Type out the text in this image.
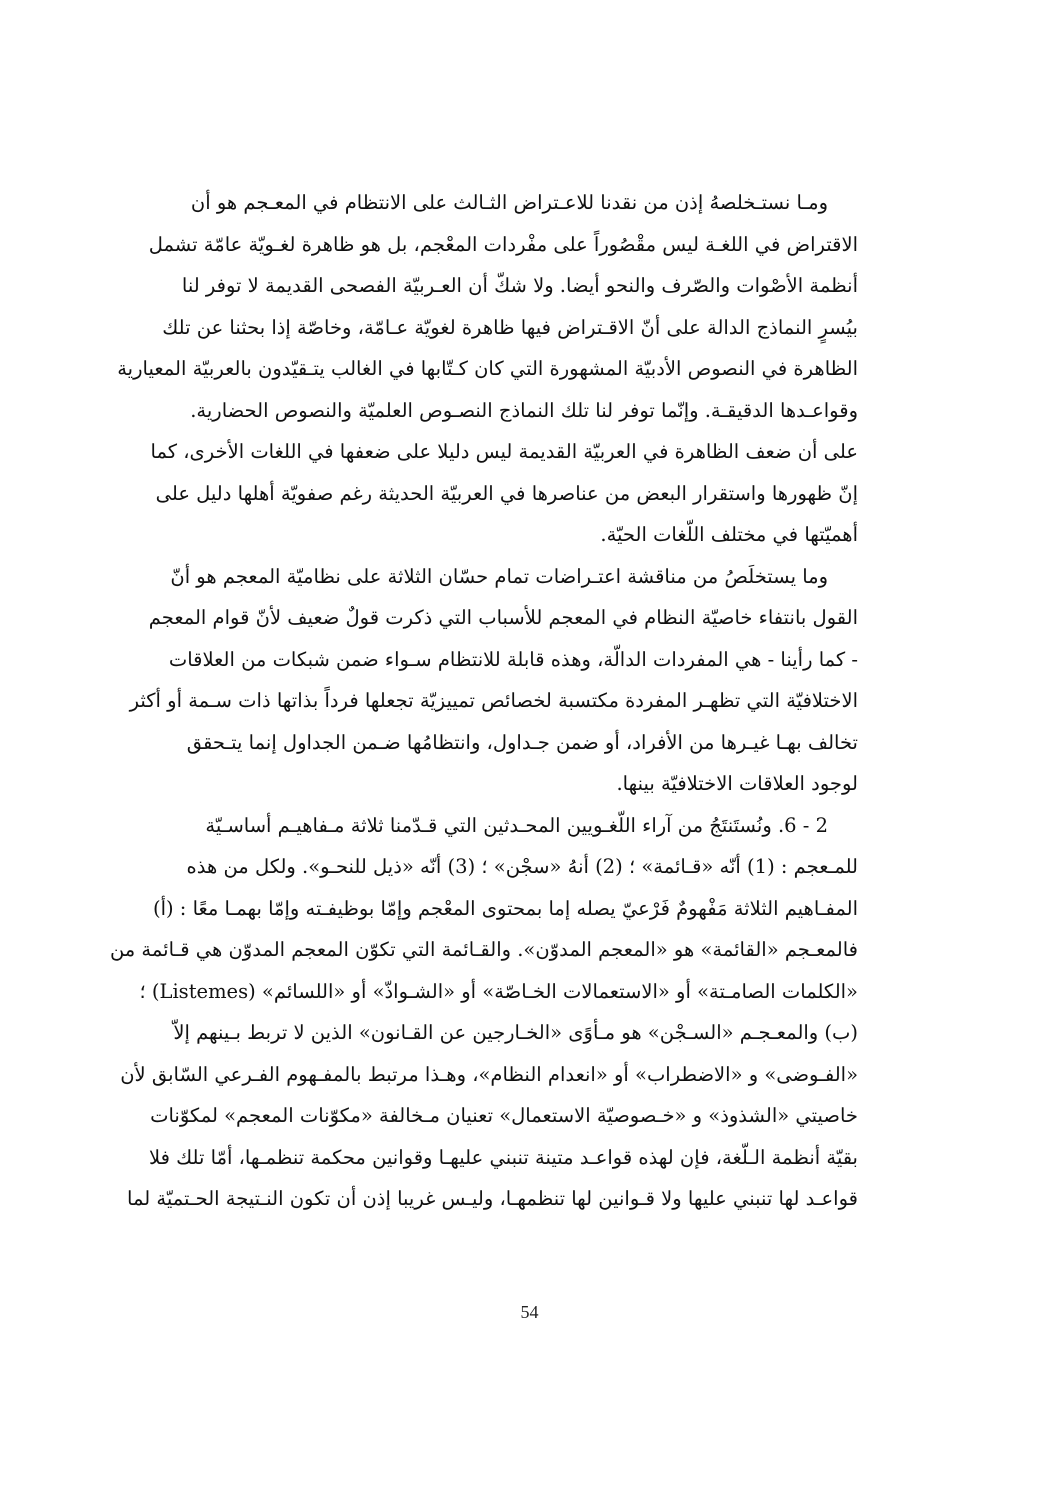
ومـا نستـخلصهُ إذن من نقدنا للاعـتراض الثـالث على الانتظام في المعـجم هو أن
الاقتراض في اللغـة ليس مقْصُوراً على مفْردات المعْجم، بل هو ظاهرة لغـويّة عامّة تشمل
أنظمة الأصْوات والصّرف والنحو أيضا. ولا شكّ أن العـربيّة الفصحى القديمة لا توفر لنا
بيُسرٍ النماذج الدالة على أنّ الاقـتراض فيها ظاهرة لغويّة عـامّة، وخاصّة إذا بحثنا عن تلك
الظاهرة في النصوص الأدبيّة المشهورة التي كان كـتّابها في الغالب يتـقيّدون بالعربيّة المعيارية
وقواعـدها الدقيقـة. وإنّما توفر لنا تلك النماذج النصـوص العلميّة والنصوص الحضارية.
على أن ضعف الظاهرة في العربيّة القديمة ليس دليلا على ضعفها في اللغات الأخرى، كما
إنّ ظهورها واستقرار البعض من عناصرها في العربيّة الحديثة رغم صفويّة أهلها دليل على
أهميّتها في مختلف اللّغات الحيّة.
وما يستخلَصُ من مناقشة اعتـراضات تمام حسّان الثلاثة على نظاميّة المعجم هو أنّ
القول بانتفاء خاصيّة النظام في المعجم للأسباب التي ذكرت قولٌ ضعيف لأنّ قوام المعجم
- كما رأينا - هي المفردات الدالّة، وهذه قابلة للانتظام سـواء ضمن شبكات من العلاقات
الاختلافيّة التي تظهـر المفردة مكتسبة لخصائص تمييزيّة تجعلها فرداً بذاتها ذات سـمة أو أكثر
تخالف بهـا غيـرها من الأفراد، أو ضمن جـداول، وانتظامُها ضـمن الجداول إنما يتـحقق
لوجود العلاقات الاختلافيّة بينها.
2 - 6. ونُستَنتَجُ من آراء اللّغـويين المحـدثين التي قـدّمنا ثلاثة مـفاهيـم أساسـيّة
للمـعجم : (1) أنّه «قـائمة» ؛ (2) أنهُ «سجْن» ؛ (3) أنّه «ذيل للنحـو». ولكل من هذه
المفـاهيم الثلاثة مَفْهومٌ فَرْعيّ يصله إما بمحتوى المعْجم وإمّا بوظيفـته وإمّا بهمـا معًا : (أ)
فالمعـجم «القائمة» هو «المعجم المدوّن». والقـائمة التي تكوّن المعجم المدوّن هي قـائمة من
«الكلمات الصامـتة» أو «الاستعمالات الخـاصّة» أو «الشـواذّ» أو «اللسائم» (Listemes) ؛
(ب) والمعـجـم «السـجْن» هو مـأوًى «الخـارجين عن القـانون» الذين لا تربط بـينهم إلاّ
«الفـوضى» و «الاضطراب» أو «انعدام النظام»، وهـذا مرتبط بالمفـهوم الفـرعي السّابق لأن
خاصيتي «الشذوذ» و «خـصوصيّة الاستعمال» تعنيان مـخالفة «مكوّنات المعجم» لمكوّنات
بقيّة أنظمة الـلّغة، فإن لهذه قواعـد متينة تنبني عليهـا وقوانين محكمة تنظمـها، أمّا تلك فلا
قواعـد لها تنبني عليها ولا قـوانين لها تنظمهـا، وليـس غريبا إذن أن تكون النـتيجة الحـتميّة لما
54
